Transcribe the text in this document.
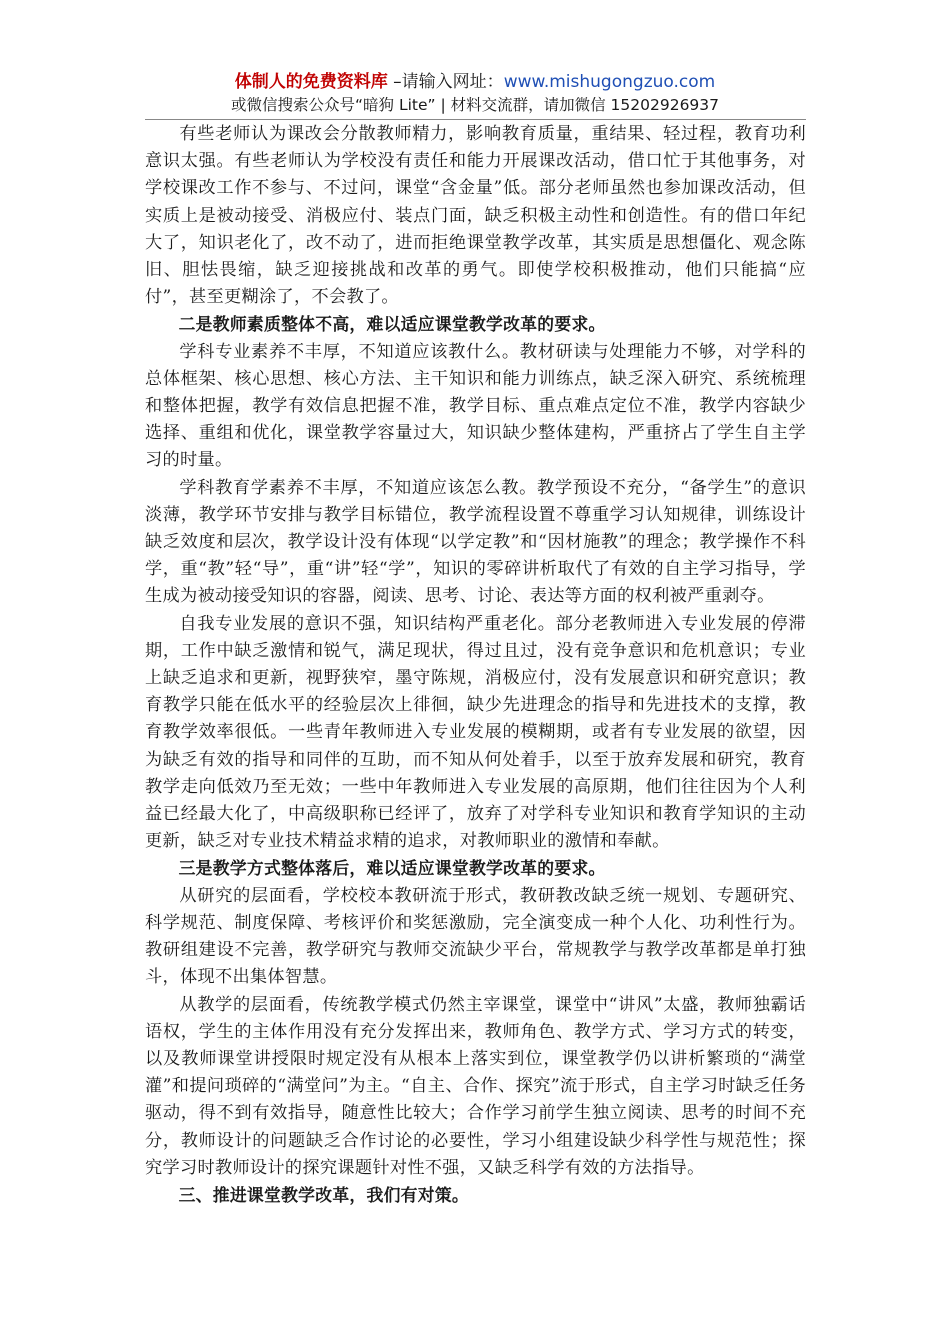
体制人的免费资料库 –请输入网址：www.mishugongzuo.com
或微信搜索公众号“暗狗 Lite” | 材料交流群，请加微信 15202926937

有些老师认为课改会分散教师精力，影响教育质量，重结果、轻过程，教育功利意识太强。有些老师认为学校没有责任和能力开展课改活动，借口忙于其他事务，对学校课改工作不参与、不过问，课堂“含金量”低。部分老师虽然也参加课改活动，但实质上是被动接受、消极应付、装点门面，缺乏积极主动性和创造性。有的借口年纪大了，知识老化了，改不动了，进而拒绝课堂教学改革，其实质是思想僵化、观念陈旧、胆怯畏缩，缺乏迎接挑战和改革的勇气。即使学校积极推动，他们只能搞“应付”，甚至更糊涂了，不会教了。

二是教师素质整体不高，难以适应课堂教学改革的要求。

学科专业素养不丰厚，不知道应该教什么。教材研读与处理能力不够，对学科的总体框架、核心思想、核心方法、主干知识和能力训练点，缺乏深入研究、系统梳理和整体把握，教学有效信息把握不准，教学目标、重点难点定位不准，教学内容缺少选择、重组和优化，课堂教学容量过大，知识缺少整体建构，严重挤占了学生自主学习的时量。

学科教育学素养不丰厚，不知道应该怎么教。教学预设不充分，“备学生”的意识淡薄，教学环节安排与教学目标错位，教学流程设置不尊重学习认知规律，训练设计缺乏效度和层次，教学设计没有体现“以学定教”和“因材施教”的理念；教学操作不科学，重“教”轻“导”，重“讲”轻“学”，知识的零碎讲析取代了有效的自主学习指导，学生成为被动接受知识的容器，阅读、思考、讨论、表达等方面的权利被严重剥夺。

自我专业发展的意识不强，知识结构严重老化。部分老教师进入专业发展的停滞期，工作中缺乏激情和锐气，满足现状，得过且过，没有竞争意识和危机意识；专业上缺乏追求和更新，视野狭窄，墨守陈规，消极应付，没有发展意识和研究意识；教育教学只能在低水平的经验层次上徘徊，缺少先进理念的指导和先进技术的支撑，教育教学效率很低。一些青年教师进入专业发展的模糊期，或者有专业发展的欲望，因为缺乏有效的指导和同伴的互助，而不知从何处着手，以至于放弃发展和研究，教育教学走向低效乃至无效；一些中年教师进入专业发展的高原期，他们往往因为个人利益已经最大化了，中高级职称已经评了，放弃了对学科专业知识和教育学知识的主动更新，缺乏对专业技术精益求精的追求，对教师职业的激情和奉献。

三是教学方式整体落后，难以适应课堂教学改革的要求。

从研究的层面看，学校校本教研流于形式，教研教改缺乏统一规划、专题研究、科学规范、制度保障、考核评价和奖惩激励，完全演变成一种个人化、功利性行为。教研组建设不完善，教学研究与教师交流缺少平台，常规教学与教学改革都是单打独斗，体现不出集体智慧。

从教学的层面看，传统教学模式仍然主宰课堂，课堂中“讲风”太盛，教师独霸话语权，学生的主体作用没有充分发挥出来，教师角色、教学方式、学习方式的转变，以及教师课堂讲授限时规定没有从根本上落实到位，课堂教学仍以讲析繁琐的“满堂灌”和提问琐碎的“满堂问”为主。“自主、合作、探究”流于形式，自主学习时缺乏任务驱动，得不到有效指导，随意性比较大；合作学习前学生独立阅读、思考的时间不充分，教师设计的问题缺乏合作讨论的必要性，学习小组建设缺少科学性与规范性；探究学习时教师设计的探究课题针对性不强，又缺乏科学有效的方法指导。

三、推进课堂教学改革，我们有对策。
